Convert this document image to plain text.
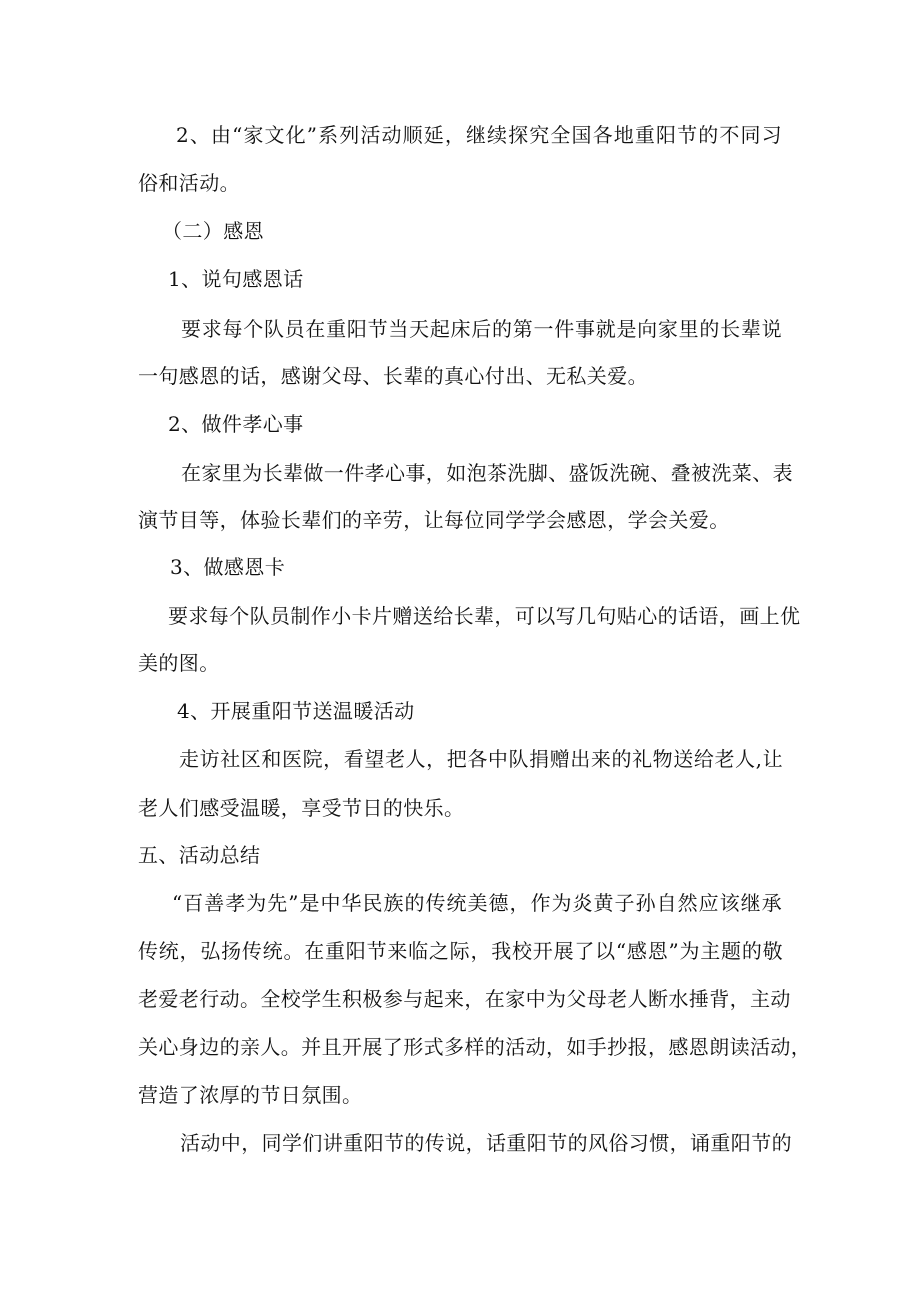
2、由“家文化”系列活动顺延，继续探究全国各地重阳节的不同习
俗和活动。
（二）感恩
1、说句感恩话
要求每个队员在重阳节当天起床后的第一件事就是向家里的长辈说
一句感恩的话，感谢父母、长辈的真心付出、无私关爱。
2、做件孝心事
在家里为长辈做一件孝心事，如泡茶洗脚、盛饭洗碗、叠被洗菜、表
演节目等，体验长辈们的辛劳，让每位同学学会感恩，学会关爱。
3、做感恩卡
要求每个队员制作小卡片赠送给长辈，可以写几句贴心的话语，画上优
美的图。
4、开展重阳节送温暖活动
走访社区和医院，看望老人，把各中队捐赠出来的礼物送给老人,让
老人们感受温暖，享受节日的快乐。
五、活动总结
“百善孝为先”是中华民族的传统美德，作为炎黄子孙自然应该继承
传统，弘扬传统。在重阳节来临之际，我校开展了以“感恩”为主题的敬
老爱老行动。全校学生积极参与起来，在家中为父母老人断水捶背，主动
关心身边的亲人。并且开展了形式多样的活动，如手抄报，感恩朗读活动，
营造了浓厚的节日氛围。
活动中，同学们讲重阳节的传说，话重阳节的风俗习惯，诵重阳节的
